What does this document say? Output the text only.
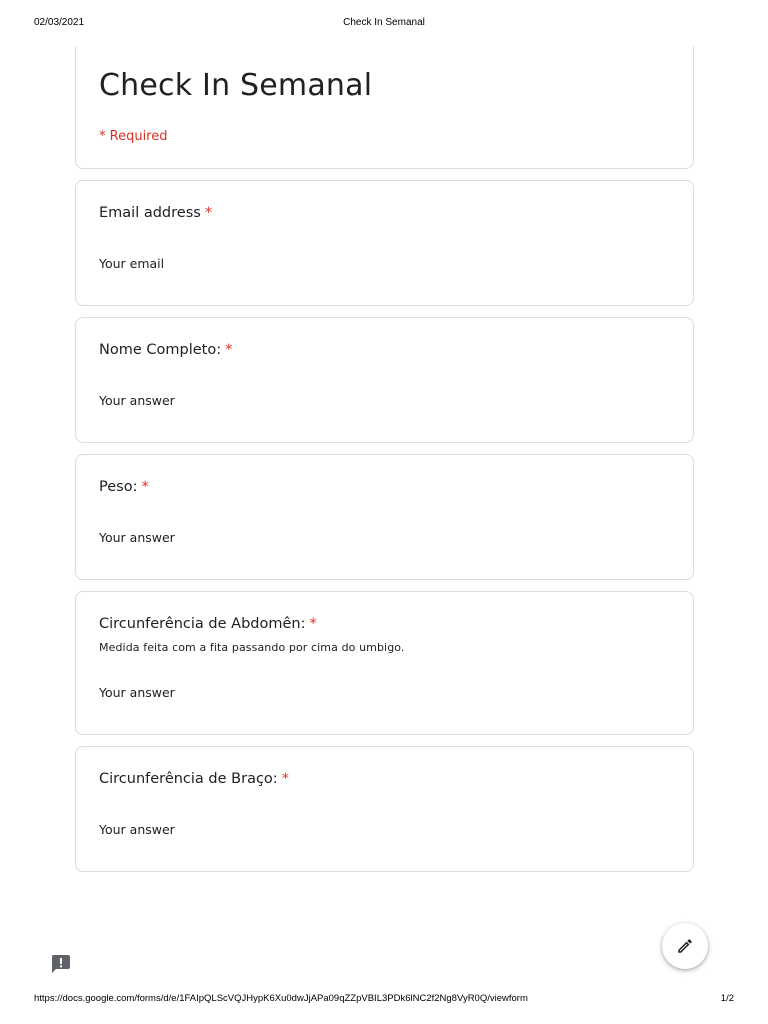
02/03/2021	Check In Semanal
Check In Semanal
* Required
Email address *
Your email
Nome Completo: *
Your answer
Peso: *
Your answer
Circunferência de Abdomên: *
Medida feita com a fita passando por cima do umbigo.
Your answer
Circunferência de Braço: *
Your answer
https://docs.google.com/forms/d/e/1FAIpQLScVQJHypK6Xu0dwJjAPa09qZZpVBIL3PDk6lNC2f2Ng8VyR0Q/viewform	1/2
